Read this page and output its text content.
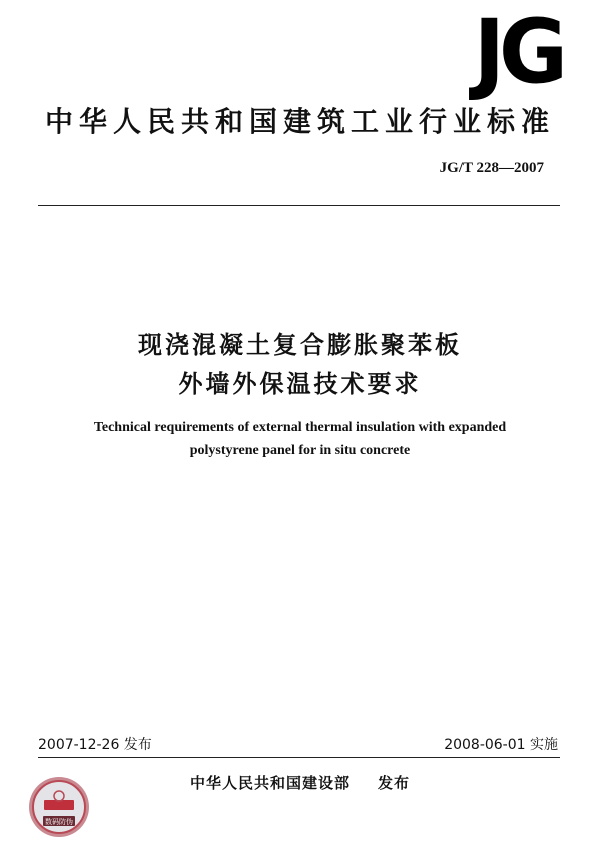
JG
中华人民共和国建筑工业行业标准
JG/T 228—2007
现浇混凝土复合膨胀聚苯板
外墙外保温技术要求
Technical requirements of external thermal insulation with expanded
polystyrene panel for in situ concrete
2007-12-26 发布	2008-06-01 实施
中华人民共和国建设部 发布
数码防伪
